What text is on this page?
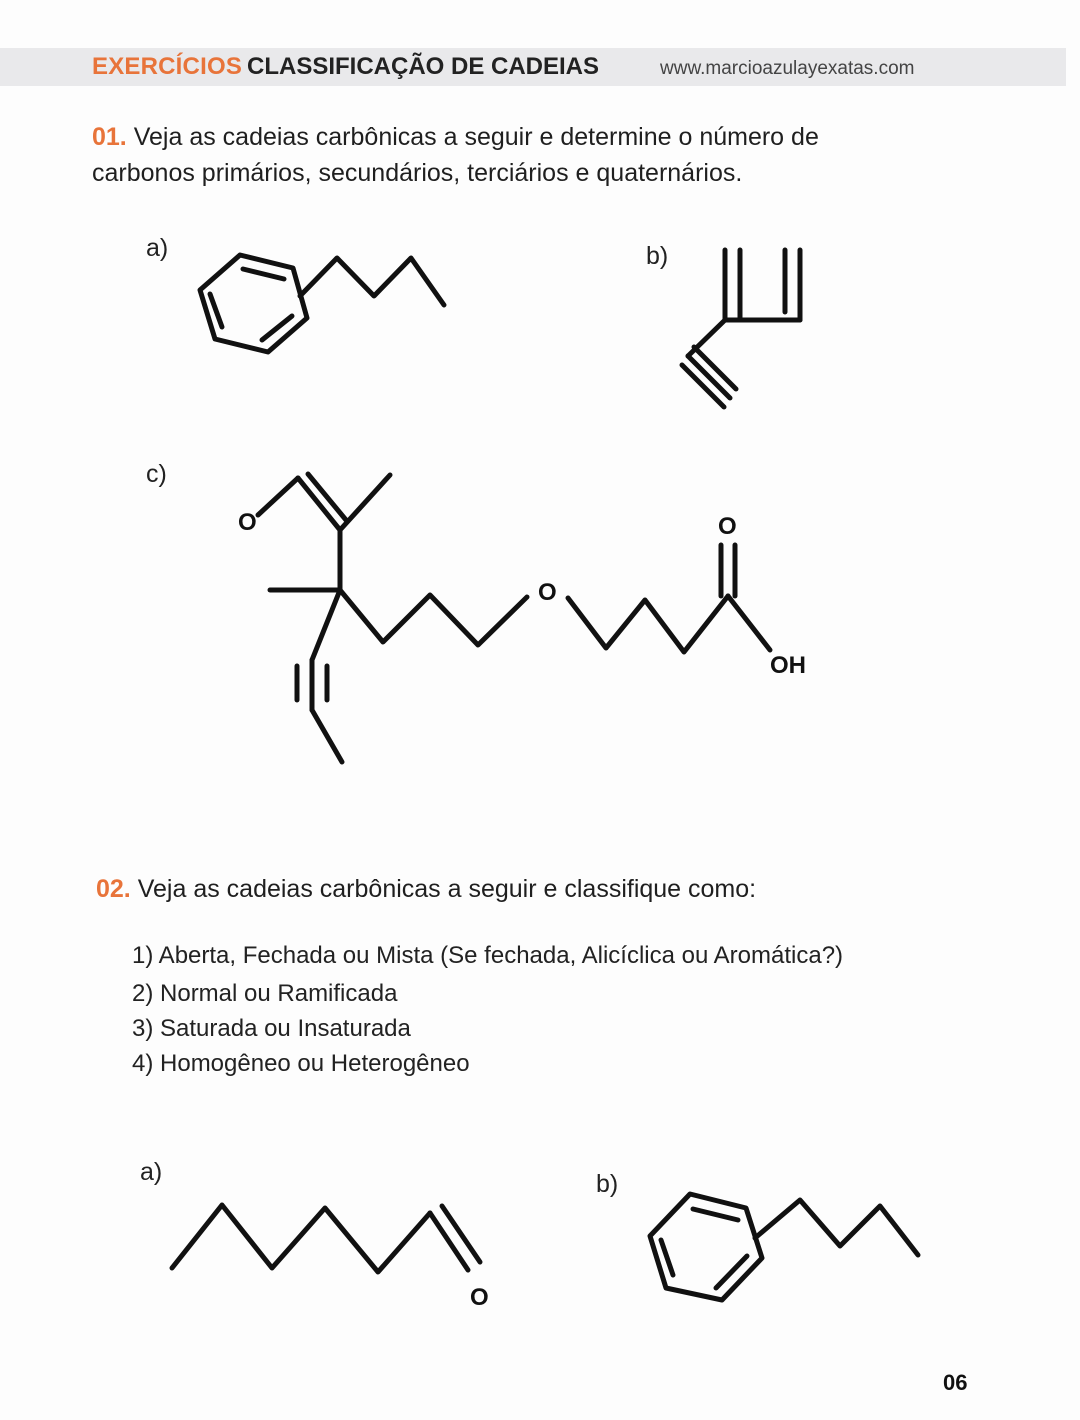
EXERCÍCIOS CLASSIFICAÇÃO DE CADEIAS	www.marcioazulayexatas.com
01. Veja as cadeias carbônicas a seguir e determine o número de
carbonos primários, secundários, terciários e quaternários.
a)	b)
c)
O
O
O
OH
02. Veja as cadeias carbônicas a seguir e classifique como:
1) Aberta, Fechada ou Mista (Se fechada, Alicíclica ou Aromática?)
2) Normal ou Ramificada
3) Saturada ou Insaturada
4) Homogêneo ou Heterogêneo
a)	b)
O
06
